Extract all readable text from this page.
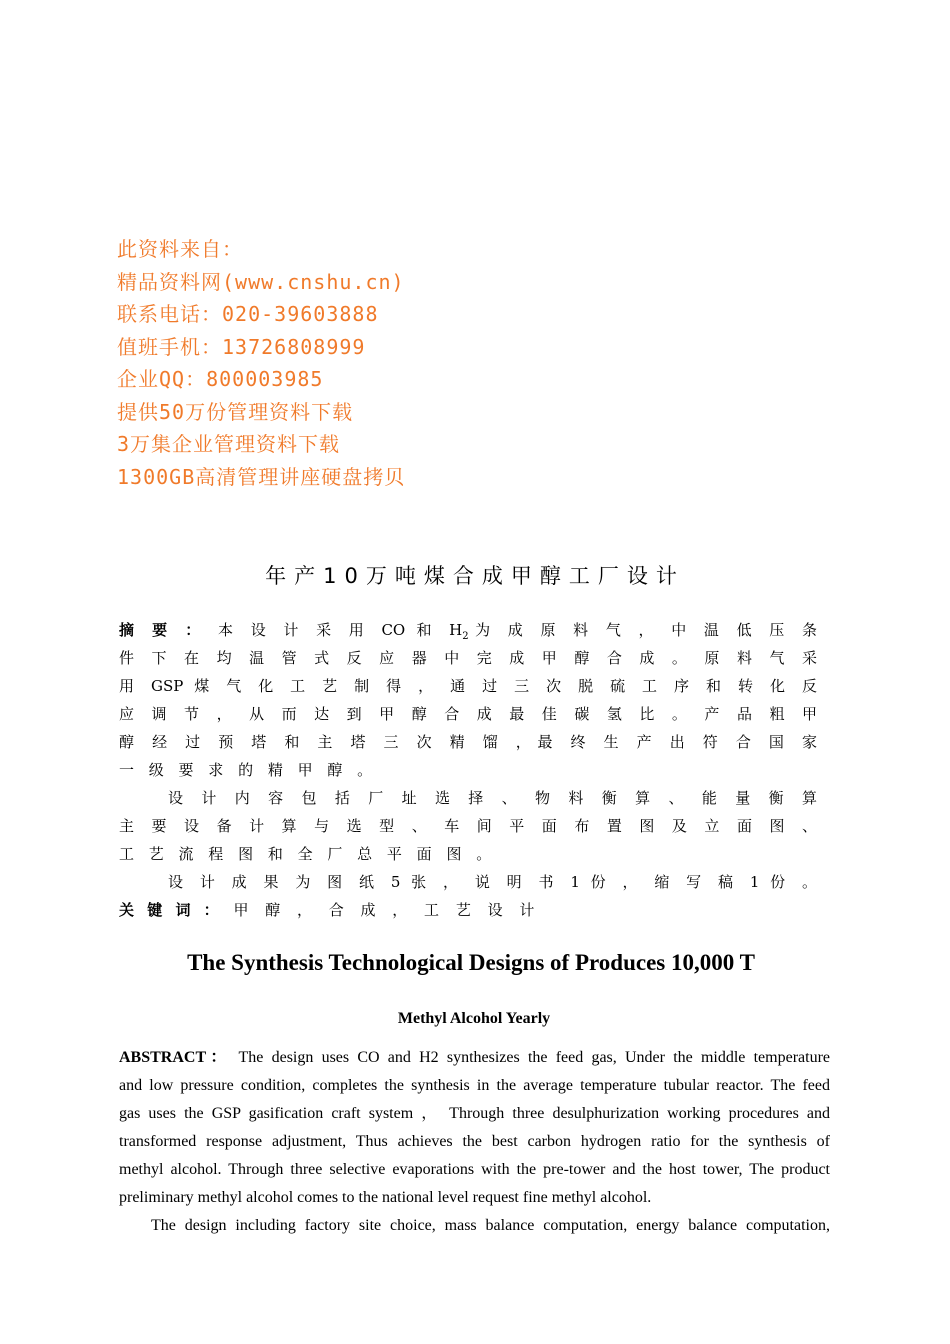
此资料来自：
精品资料网(www.cnshu.cn)
联系电话：020-39603888
值班手机：13726808999
企业QQ：800003985
提供50万份管理资料下载
3万集企业管理资料下载
1300GB高清管理讲座硬盘拷贝
年产10万吨煤合成甲醇工厂设计
摘 要 ： 本 设 计 采 用 CO 和 $H_2$为 成 原 料 气 ， 中 温 低 压 条
件 下 在 均 温 管 式 反 应 器 中 完 成 甲 醇 合 成 。 原 料 气 采
用 GSP 煤 气 化 工 艺 制 得 ， 通 过 三 次 脱 硫 工 序 和 转 化 反
应 调 节 ， 从 而 达 到 甲 醇 合 成 最 佳 碳 氢 比 。 产 品 粗 甲
醇 经 过 预 塔 和 主 塔 三 次 精 馏 ，最 终 生 产 出 符 合 国 家
一 级 要 求 的 精 甲 醇 。
设 计 内 容 包 括 厂 址 选 择 、 物 料 衡 算 、 能 量 衡 算
主 要 设 备 计 算 与 选 型 、 车 间 平 面 布 置 图 及 立 面 图 、
工 艺 流 程 图 和 全 厂 总 平 面 图 。
设 计 成 果 为 图 纸 5 张 ， 说 明 书 1 份 ， 缩 写 稿 1 份 。
关 键 词 ： 甲 醇 ， 合 成 ， 工 艺 设 计
The Synthesis Technological Designs of Produces 10,000 T
Methyl Alcohol Yearly
ABSTRACT： The design uses CO and H2 synthesizes the feed gas, Under the middle temperature
and low pressure condition, completes the synthesis in the average temperature tubular reactor. The feed
gas uses the GSP gasification craft system ， Through three desulphurization working procedures and
transformed response adjustment, Thus achieves the best carbon hydrogen ratio for the synthesis of
methyl alcohol. Through three selective evaporations with the pre-tower and the host tower, The product
preliminary methyl alcohol comes to the national level request fine methyl alcohol.
The design including factory site choice, mass balance computation, energy balance computation,
